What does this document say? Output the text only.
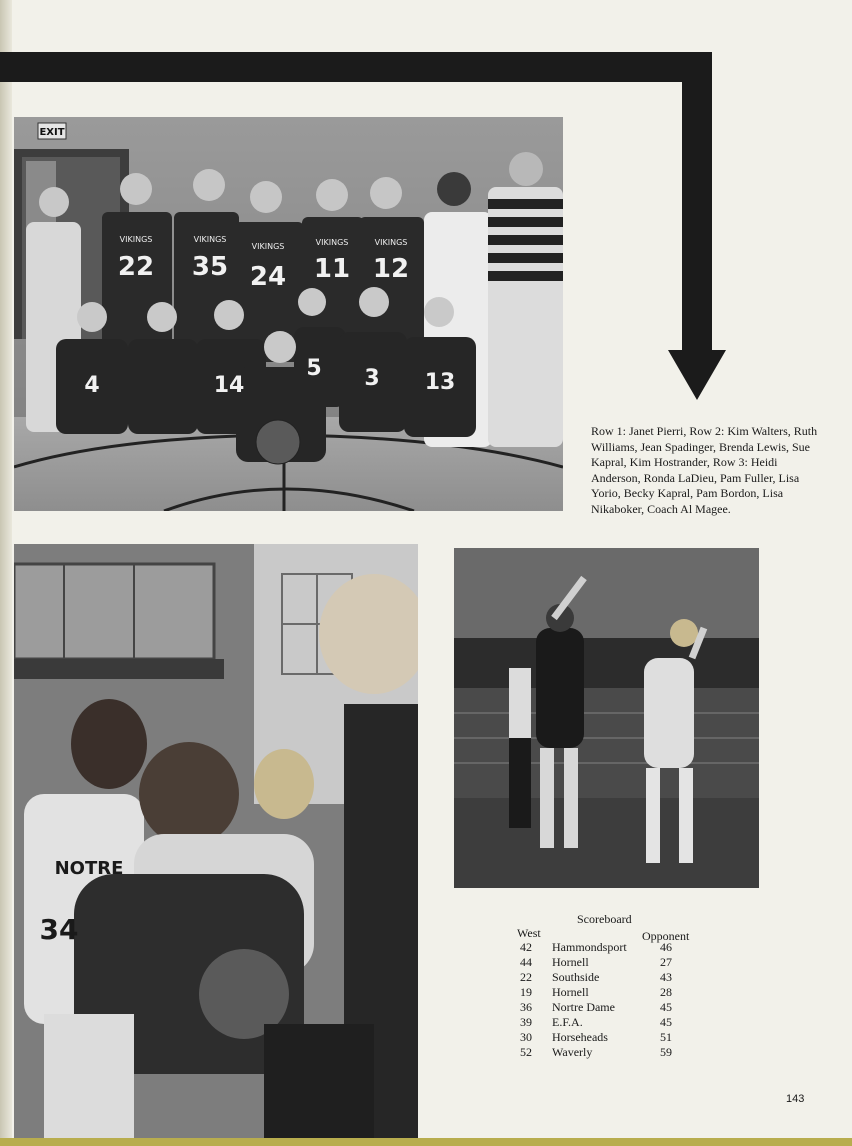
EXIT
22 35 24 11 12
VIKINGS	VIKINGS
VIKINGS	VIKINGS	VIKINGS
4	14
5 3 13
NOTRE
34

Row 1: Janet Pierri, Row 2: Kim Walters, Ruth Williams, Jean Spadinger, Brenda Lewis, Sue Kapral, Kim Hostrander, Row 3: Heidi Anderson, Ronda LaDieu, Pam Fuller, Lisa Yorio, Becky Kapral, Pam Bordon, Lisa Nikaboker, Coach Al Magee.

Scoreboard
West	Opponent
42 Hammondsport	46
44 Hornell	27
22 Southside	43
19 Hornell	28
36 Nortre Dame	45
39 E.F.A.	45
30 Horseheads	51
52 Waverly	59
143
